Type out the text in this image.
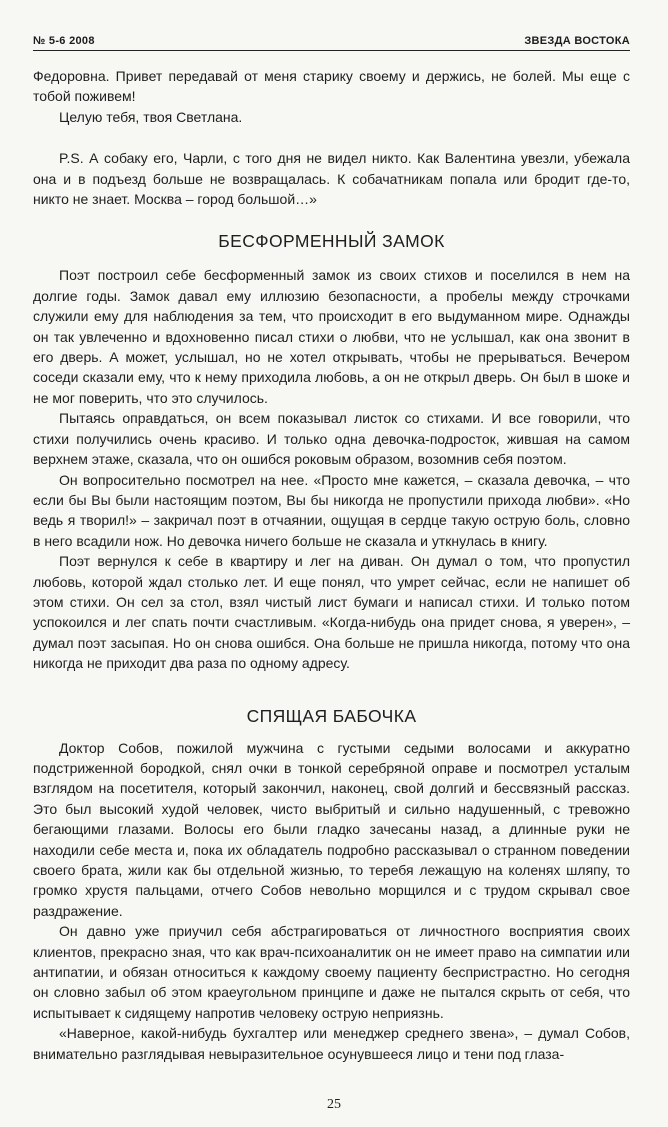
№ 5-6 2008	ЗВЕЗДА ВОСТОКА

Федоровна. Привет передавай от меня старику своему и держись, не болей. Мы еще с тобой поживем!

Целую тебя, твоя Светлана.

P.S. А собаку его, Чарли, с того дня не видел никто. Как Валентина увезли, убежала она и в подъезд больше не возвращалась. К собачатникам попала или бродит где-то, никто не знает. Москва – город большой…»

БЕСФОРМЕННЫЙ ЗАМОК

Поэт построил себе бесформенный замок из своих стихов и поселился в нем на долгие годы. Замок давал ему иллюзию безопасности, а пробелы между строчками служили ему для наблюдения за тем, что происходит в его выдуманном мире. Однажды он так увлеченно и вдохновенно писал стихи о любви, что не услышал, как она звонит в его дверь. А может, услышал, но не хотел открывать, чтобы не прерываться. Вечером соседи сказали ему, что к нему приходила любовь, а он не открыл дверь. Он был в шоке и не мог поверить, что это случилось.

Пытаясь оправдаться, он всем показывал листок со стихами. И все говорили, что стихи получились очень красиво. И только одна девочка-подросток, жившая на самом верхнем этаже, сказала, что он ошибся роковым образом, возомнив себя поэтом.

Он вопросительно посмотрел на нее. «Просто мне кажется, – сказала девочка, – что если бы Вы были настоящим поэтом, Вы бы никогда не пропустили прихода любви». «Но ведь я творил!» – закричал поэт в отчаянии, ощущая в сердце такую острую боль, словно в него всадили нож. Но девочка ничего больше не сказала и уткнулась в книгу.

Поэт вернулся к себе в квартиру и лег на диван. Он думал о том, что пропустил любовь, которой ждал столько лет. И еще понял, что умрет сейчас, если не напишет об этом стихи. Он сел за стол, взял чистый лист бумаги и написал стихи. И только потом успокоился и лег спать почти счастливым. «Когда-нибудь она придет снова, я уверен», – думал поэт засыпая. Но он снова ошибся. Она больше не пришла никогда, потому что она никогда не приходит два раза по одному адресу.

СПЯЩАЯ БАБОЧКА

Доктор Собов, пожилой мужчина с густыми седыми волосами и аккуратно подстриженной бородкой, снял очки в тонкой серебряной оправе и посмотрел усталым взглядом на посетителя, который закончил, наконец, свой долгий и бессвязный рассказ. Это был высокий худой человек, чисто выбритый и сильно надушенный, с тревожно бегающими глазами. Волосы его были гладко зачесаны назад, а длинные руки не находили себе места и, пока их обладатель подробно рассказывал о странном поведении своего брата, жили как бы отдельной жизнью, то теребя лежащую на коленях шляпу, то громко хрустя пальцами, отчего Собов невольно морщился и с трудом скрывал свое раздражение.

Он давно уже приучил себя абстрагироваться от личностного восприятия своих клиентов, прекрасно зная, что как врач-психоаналитик он не имеет право на симпатии или антипатии, и обязан относиться к каждому своему пациенту беспристрастно. Но сегодня он словно забыл об этом краеугольном принципе и даже не пытался скрыть от себя, что испытывает к сидящему напротив человеку острую неприязнь.

«Наверное, какой-нибудь бухгалтер или менеджер среднего звена», – думал Собов, внимательно разглядывая невыразительное осунувшееся лицо и тени под глаза-

25
